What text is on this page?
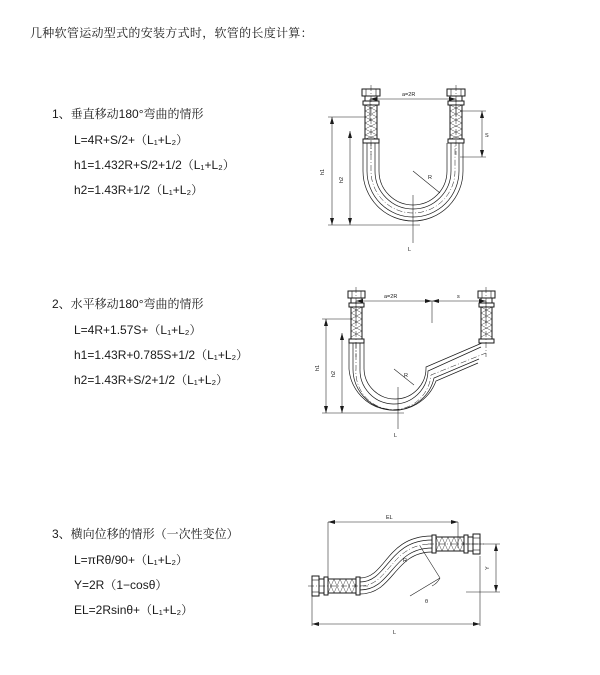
几种软管运动型式的安装方式时，软管的长度计算：

1、垂直移动180°弯曲的情形

L=4R+S/2+（L₁+L₂）

h1=1.432R+S/2+1/2（L₁+L₂）

h2=1.43R+1/2（L₁+L₂）

a=2R
S
h1
h2	R
L

2、水平移动180°弯曲的情形

L=4R+1.57S+（L₁+L₂）

h1=1.43R+0.785S+1/2（L₁+L₂）

h2=1.43R+S/2+1/2（L₁+L₂）

a=2R	s
h1
h2	R
L

3、横向位移的情形（一次性变位）

L=πRθ/90+（L₁+L₂）

Y=2R（1−cosθ）

EL=2Rsinθ+（L₁+L₂）

EL
L
Y
θ
R
